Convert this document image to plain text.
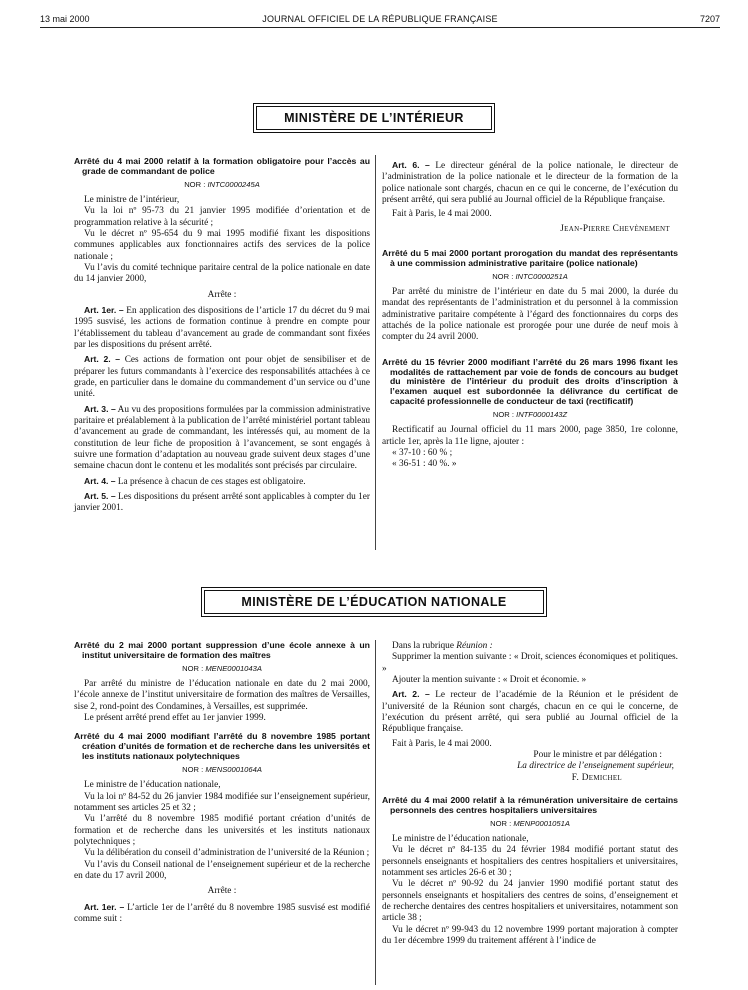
13 mai 2000	JOURNAL OFFICIEL DE LA RÉPUBLIQUE FRANÇAISE	7207
MINISTÈRE DE L’INTÉRIEUR
Arrêté du 4 mai 2000 relatif à la formation obligatoire pour l’accès au grade de commandant de police
NOR : INTC0000245A

Le ministre de l’intérieur,

Vu la loi nº 95-73 du 21 janvier 1995 modifiée d’orientation et de programmation relative à la sécurité ;

Vu le décret nº 95-654 du 9 mai 1995 modifié fixant les dispositions communes applicables aux fonctionnaires actifs des services de la police nationale ;

Vu l’avis du comité technique paritaire central de la police nationale en date du 14 janvier 2000,

Arrête :

Art. 1er. – En application des dispositions de l’article 17 du décret du 9 mai 1995 susvisé, les actions de formation continue à prendre en compte pour l’établissement du tableau d’avancement au grade de commandant sont fixées par les dispositions du présent arrêté.

Art. 2. – Ces actions de formation ont pour objet de sensibiliser et de préparer les futurs commandants à l’exercice des responsabilités attachées à ce grade, en particulier dans le domaine du commandement d’un service ou d’une unité.

Art. 3. – Au vu des propositions formulées par la commission administrative paritaire et préalablement à la publication de l’arrêté ministériel portant tableau d’avancement au grade de commandant, les intéressés qui, au moment de la constitution de leur fiche de proposition à l’avancement, se sont engagés à suivre une formation d’adaptation au nouveau grade suivent deux stages d’une semaine chacun dont le contenu et les modalités sont précisés par circulaire.

Art. 4. – La présence à chacun de ces stages est obligatoire.

Art. 5. – Les dispositions du présent arrêté sont applicables à compter du 1er janvier 2001.

Art. 6. – Le directeur général de la police nationale, le directeur de l’administration de la police nationale et le directeur de la formation de la police nationale sont chargés, chacun en ce qui le concerne, de l’exécution du présent arrêté, qui sera publié au Journal officiel de la République française.

Fait à Paris, le 4 mai 2000.

Jean-Pierre Chevènement

Arrêté du 5 mai 2000 portant prorogation du mandat des représentants à une commission administrative paritaire (police nationale)
NOR : INTC0000251A

Par arrêté du ministre de l’intérieur en date du 5 mai 2000, la durée du mandat des représentants de l’administration et du personnel à la commission administrative paritaire compétente à l’égard des fonctionnaires du corps des attachés de la police nationale est prorogée pour une durée de neuf mois à compter du 24 avril 2000.

Arrêté du 15 février 2000 modifiant l’arrêté du 26 mars 1996 fixant les modalités de rattachement par voie de fonds de concours au budget du ministère de l’intérieur du produit des droits d’inscription à l’examen auquel est subordonnée la délivrance du certificat de capacité professionnelle de conducteur de taxi (rectificatif)
NOR : INTF0000143Z

Rectificatif au Journal officiel du 11 mars 2000, page 3850, 1re colonne, article 1er, après la 11e ligne, ajouter :

« 37-10 : 60 % ;

« 36-51 : 40 %. »

MINISTÈRE DE L’ÉDUCATION NATIONALE
Arrêté du 2 mai 2000 portant suppression d’une école annexe à un institut universitaire de formation des maîtres
NOR : MENE0001043A

Par arrêté du ministre de l’éducation nationale en date du 2 mai 2000, l’école annexe de l’institut universitaire de formation des maîtres de Versailles, sise 2, rond-point des Condamines, à Versailles, est supprimée.

Le présent arrêté prend effet au 1er janvier 1999.

Arrêté du 4 mai 2000 modifiant l’arrêté du 8 novembre 1985 portant création d’unités de formation et de recherche dans les universités et les instituts nationaux polytechniques
NOR : MENS0001064A

Le ministre de l’éducation nationale,

Vu la loi nº 84-52 du 26 janvier 1984 modifiée sur l’enseignement supérieur, notamment ses articles 25 et 32 ;

Vu l’arrêté du 8 novembre 1985 modifié portant création d’unités de formation et de recherche dans les universités et les instituts nationaux polytechniques ;

Vu la délibération du conseil d’administration de l’université de la Réunion ;

Vu l’avis du Conseil national de l’enseignement supérieur et de la recherche en date du 17 avril 2000,

Arrête :

Art. 1er. – L’article 1er de l’arrêté du 8 novembre 1985 susvisé est modifié comme suit :

Dans la rubrique Réunion :

Supprimer la mention suivante : « Droit, sciences économiques et politiques. »

Ajouter la mention suivante : « Droit et économie. »

Art. 2. – Le recteur de l’académie de la Réunion et le président de l’université de la Réunion sont chargés, chacun en ce qui le concerne, de l’exécution du présent arrêté, qui sera publié au Journal officiel de la République française.

Fait à Paris, le 4 mai 2000.

Pour le ministre et par délégation :

La directrice de l’enseignement supérieur,

F. Demichel

Arrêté du 4 mai 2000 relatif à la rémunération universitaire de certains personnels des centres hospitaliers universitaires
NOR : MENP0001051A

Le ministre de l’éducation nationale,

Vu le décret nº 84-135 du 24 février 1984 modifié portant statut des personnels enseignants et hospitaliers des centres hospitaliers et universitaires, notamment ses articles 26-6 et 30 ;

Vu le décret nº 90-92 du 24 janvier 1990 modifié portant statut des personnels enseignants et hospitaliers des centres de soins, d’enseignement et de recherche dentaires des centres hospitaliers et universitaires, notamment son article 38 ;

Vu le décret nº 99-943 du 12 novembre 1999 portant majoration à compter du 1er décembre 1999 du traitement afférent à l’indice de
